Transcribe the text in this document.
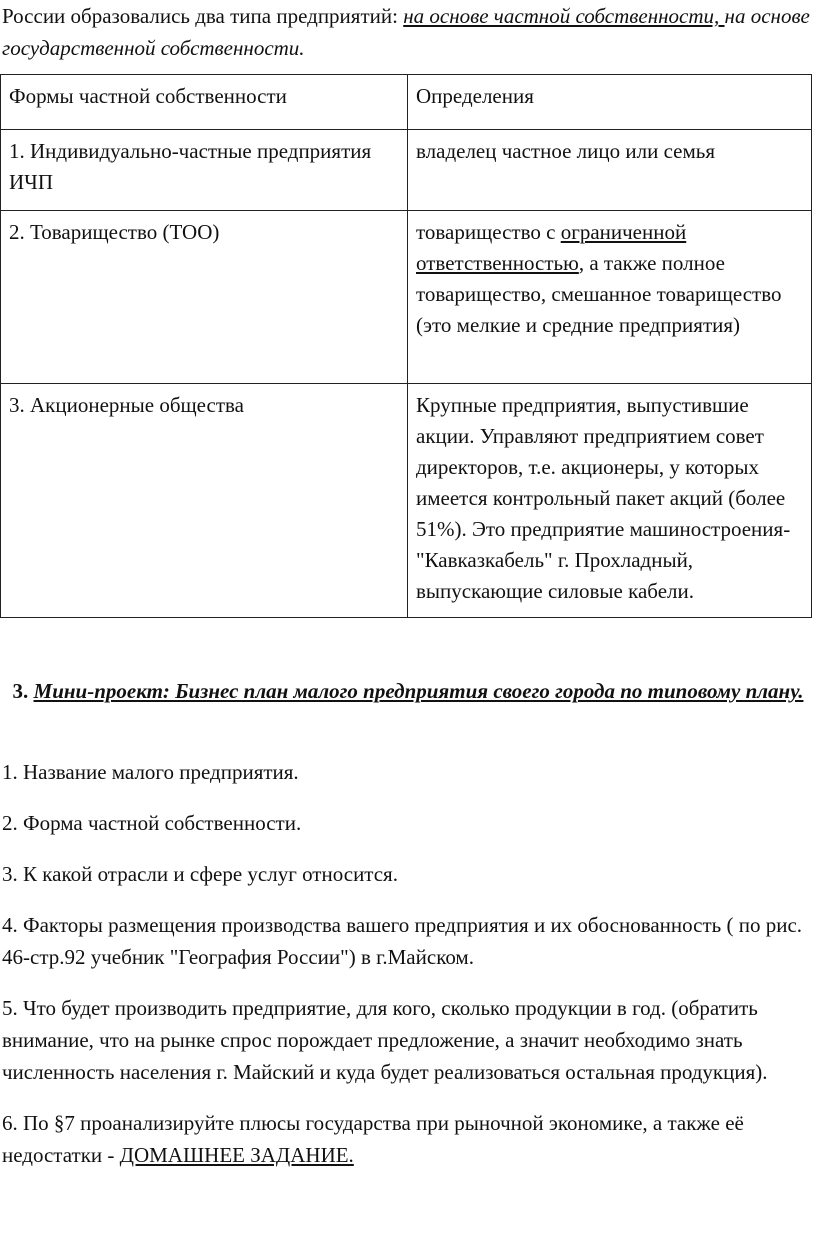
России образовались два типа предприятий: на основе частной собственности, на основе государственной собственности.
Формы частной собственности	Определения
1. Индивидуально-частные предприятия ИЧП	владелец частное лицо или семья
2. Товарищество (ТОО)	товарищество с ограниченной ответственностью, а также полное товарищество, смешанное товарищество (это мелкие и средние предприятия)
3. Акционерные общества	Крупные предприятия, выпустившие акции. Управляют предприятием совет директоров, т.е. акционеры, у которых имеется контрольный пакет акций (более 51%). Это предприятие машиностроения-"Кавказкабель" г. Прохладный, выпускающие силовые кабели.
3. Мини-проект: Бизнес план малого предприятия своего города по типовому плану.

1. Название малого предприятия.

2. Форма частной собственности.

3. К какой отрасли и сфере услуг относится.

4. Факторы размещения производства вашего предприятия и их обоснованность ( по рис. 46-стр.92 учебник "География России") в г.Майском.

5. Что будет производить предприятие, для кого, сколько продукции в год. (обратить внимание, что на рынке спрос порождает предложение, а значит необходимо знать численность населения г. Майский и куда будет реализоваться остальная продукция).

6. По §7 проанализируйте плюсы государства при рыночной экономике, а также её недостатки - ДОМАШНЕЕ ЗАДАНИЕ.
